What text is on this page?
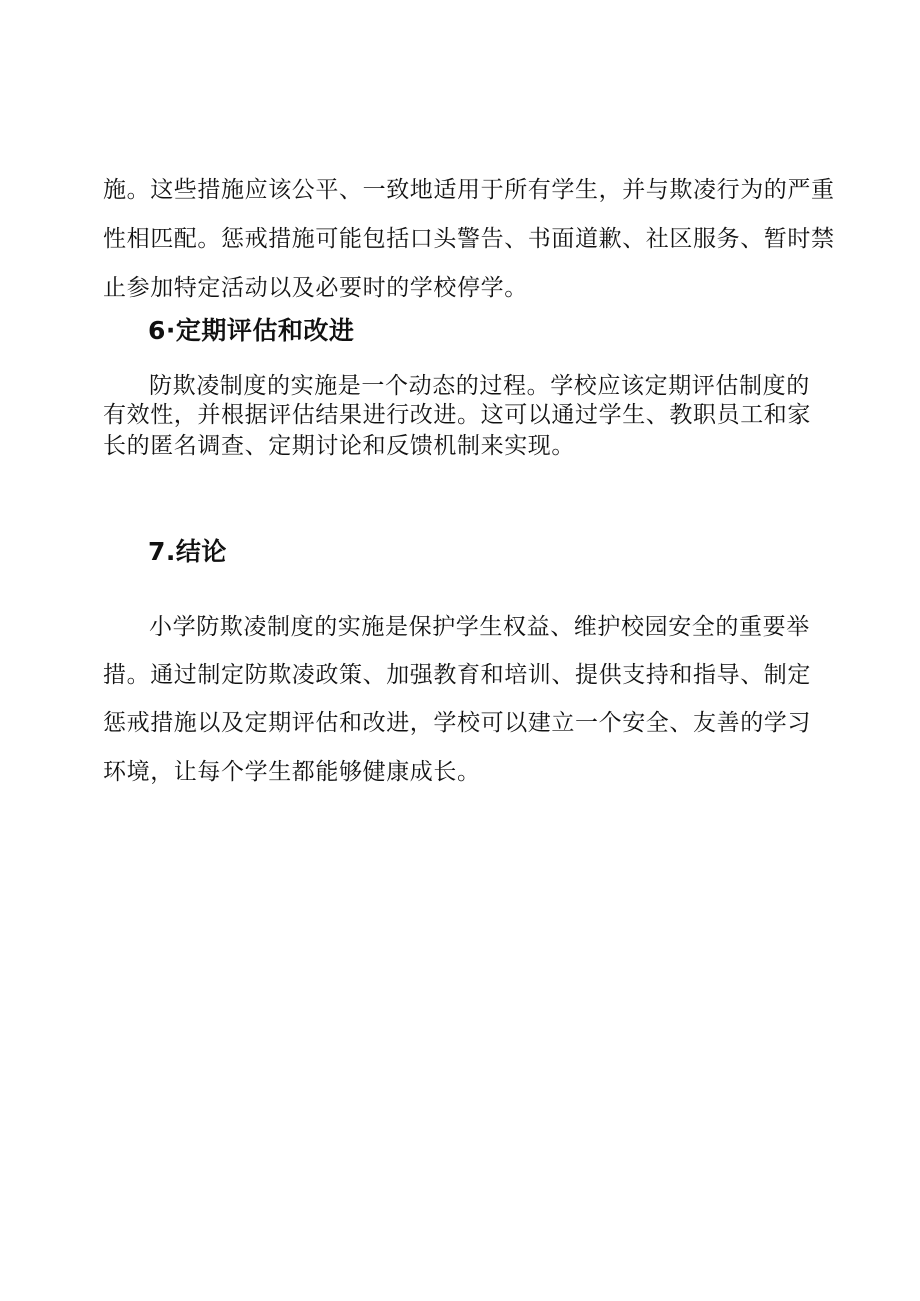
施。这些措施应该公平、一致地适用于所有学生，并与欺凌行为的严重
性相匹配。惩戒措施可能包括口头警告、书面道歉、社区服务、暂时禁
止参加特定活动以及必要时的学校停学。
6·定期评估和改进
防欺凌制度的实施是一个动态的过程。学校应该定期评估制度的
有效性，并根据评估结果进行改进。这可以通过学生、教职员工和家
长的匿名调查、定期讨论和反馈机制来实现。
7.结论
小学防欺凌制度的实施是保护学生权益、维护校园安全的重要举
措。通过制定防欺凌政策、加强教育和培训、提供支持和指导、制定
惩戒措施以及定期评估和改进，学校可以建立一个安全、友善的学习
环境，让每个学生都能够健康成长。
